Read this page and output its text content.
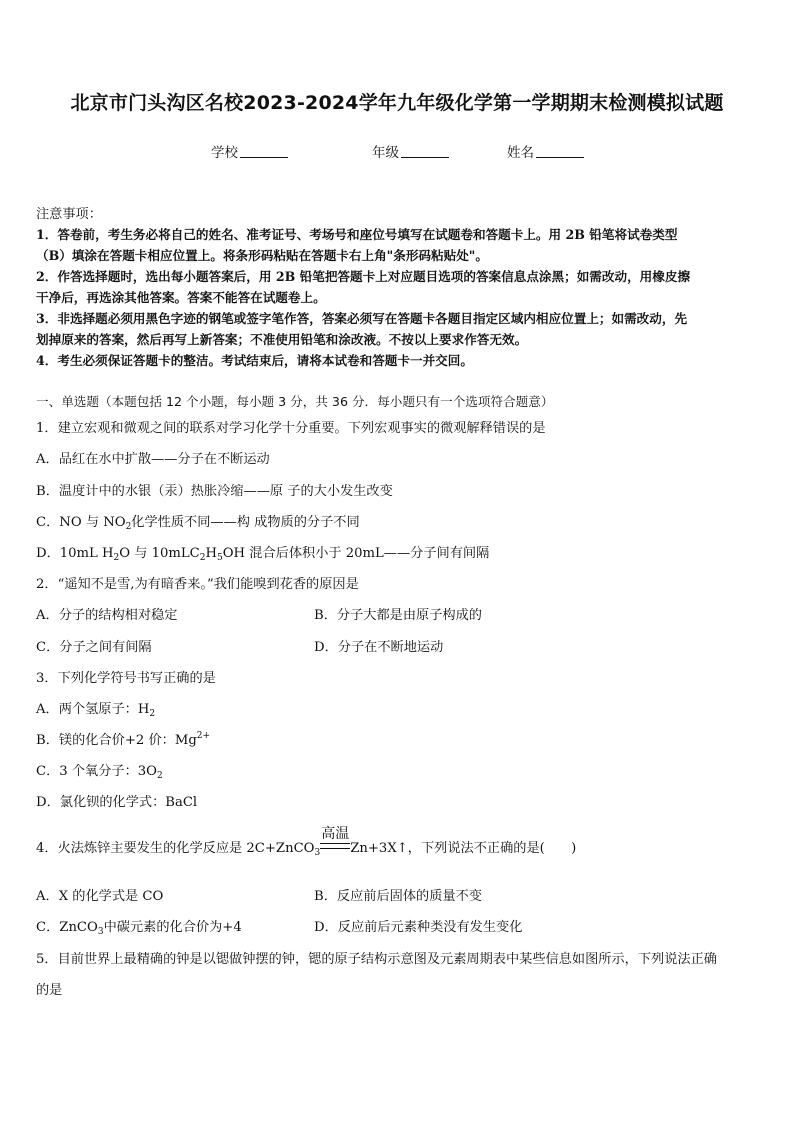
北京市门头沟区名校2023-2024学年九年级化学第一学期期末检测模拟试题
学校	年级	姓名
注意事项：
1．答卷前，考生务必将自己的姓名、准考证号、考场号和座位号填写在试题卷和答题卡上。用 2B 铅笔将试卷类型
（B）填涂在答题卡相应位置上。将条形码粘贴在答题卡右上角"条形码粘贴处"。
2．作答选择题时，选出每小题答案后，用 2B 铅笔把答题卡上对应题目选项的答案信息点涂黑；如需改动，用橡皮擦
干净后，再选涂其他答案。答案不能答在试题卷上。
3．非选择题必须用黑色字迹的钢笔或签字笔作答，答案必须写在答题卡各题目指定区域内相应位置上；如需改动，先
划掉原来的答案，然后再写上新答案；不准使用铅笔和涂改液。不按以上要求作答无效。
4．考生必须保证答题卡的整洁。考试结束后，请将本试卷和答题卡一并交回。
一、单选题（本题包括 12 个小题，每小题 3 分，共 36 分．每小题只有一个选项符合题意）
1．建立宏观和微观之间的联系对学习化学十分重要。下列宏观事实的微观解释错误的是
A．品红在水中扩散——分子在不断运动
B．温度计中的水银（汞）热胀冷缩——原 子的大小发生改变
C．NO 与 $NO_2$化学性质不同——构 成物质的分子不同
D．10mL $H_2O$ 与 $10mLC_2H_5OH$ 混合后体积小于 20mL——分子间有间隔
2．“遥知不是雪,为有暗香来。”我们能嗅到花香的原因是
A．分子的结构相对稳定	B．分子大都是由原子构成的
C．分子之间有间隔	D．分子在不断地运动
3．下列化学符号书写正确的是
A．两个氢原子：$H_2$
B．镁的化合价+2 价：$Mg^{2+}$
C．3 个氧分子：$3O_2$
D．氯化钡的化学式：BaCl
4．火法炼锌主要发生的化学反应是 2C+ZnCO$_3$
高温
Zn+3X↑，下列说法不正确的是(　　)
A．X 的化学式是 CO	B．反应前后固体的质量不变
C．ZnCO$_3$中碳元素的化合价为+4	D．反应前后元素种类没有发生变化
5．目前世界上最精确的钟是以锶做钟摆的钟，锶的原子结构示意图及元素周期表中某些信息如图所示，下列说法正确
的是
